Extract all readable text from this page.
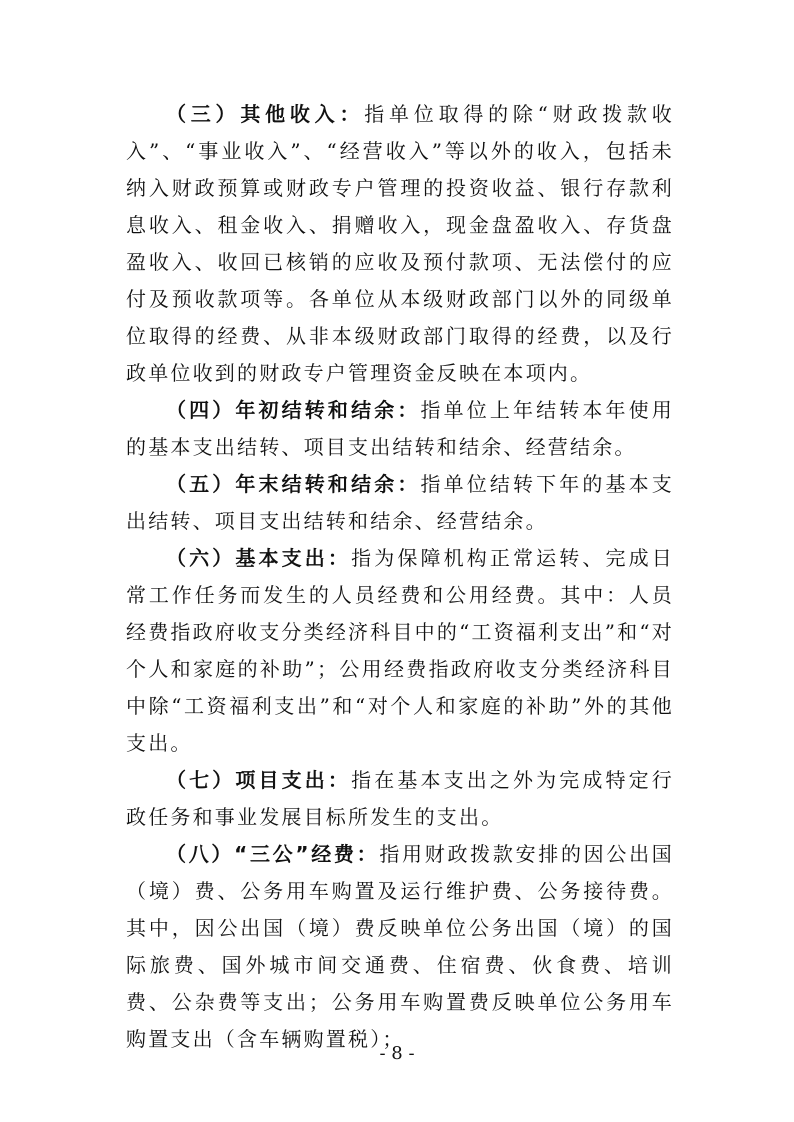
（三）其他收入：指单位取得的除“财政拨款收入”、“事业收入”、“经营收入”等以外的收入，包括未纳入财政预算或财政专户管理的投资收益、银行存款利息收入、租金收入、捐赠收入，现金盘盈收入、存货盘盈收入、收回已核销的应收及预付款项、无法偿付的应付及预收款项等。各单位从本级财政部门以外的同级单位取得的经费、从非本级财政部门取得的经费，以及行政单位收到的财政专户管理资金反映在本项内。

（四）年初结转和结余：指单位上年结转本年使用的基本支出结转、项目支出结转和结余、经营结余。

（五）年末结转和结余：指单位结转下年的基本支出结转、项目支出结转和结余、经营结余。

（六）基本支出：指为保障机构正常运转、完成日常工作任务而发生的人员经费和公用经费。其中：人员经费指政府收支分类经济科目中的“工资福利支出”和“对个人和家庭的补助”；公用经费指政府收支分类经济科目中除“工资福利支出”和“对个人和家庭的补助”外的其他支出。

（七）项目支出：指在基本支出之外为完成特定行政任务和事业发展目标所发生的支出。

（八）“三公”经费：指用财政拨款安排的因公出国（境）费、公务用车购置及运行维护费、公务接待费。其中，因公出国（境）费反映单位公务出国（境）的国际旅费、国外城市间交通费、住宿费、伙食费、培训费、公杂费等支出；公务用车购置费反映单位公务用车购置支出（含车辆购置税）；

- 8 -
